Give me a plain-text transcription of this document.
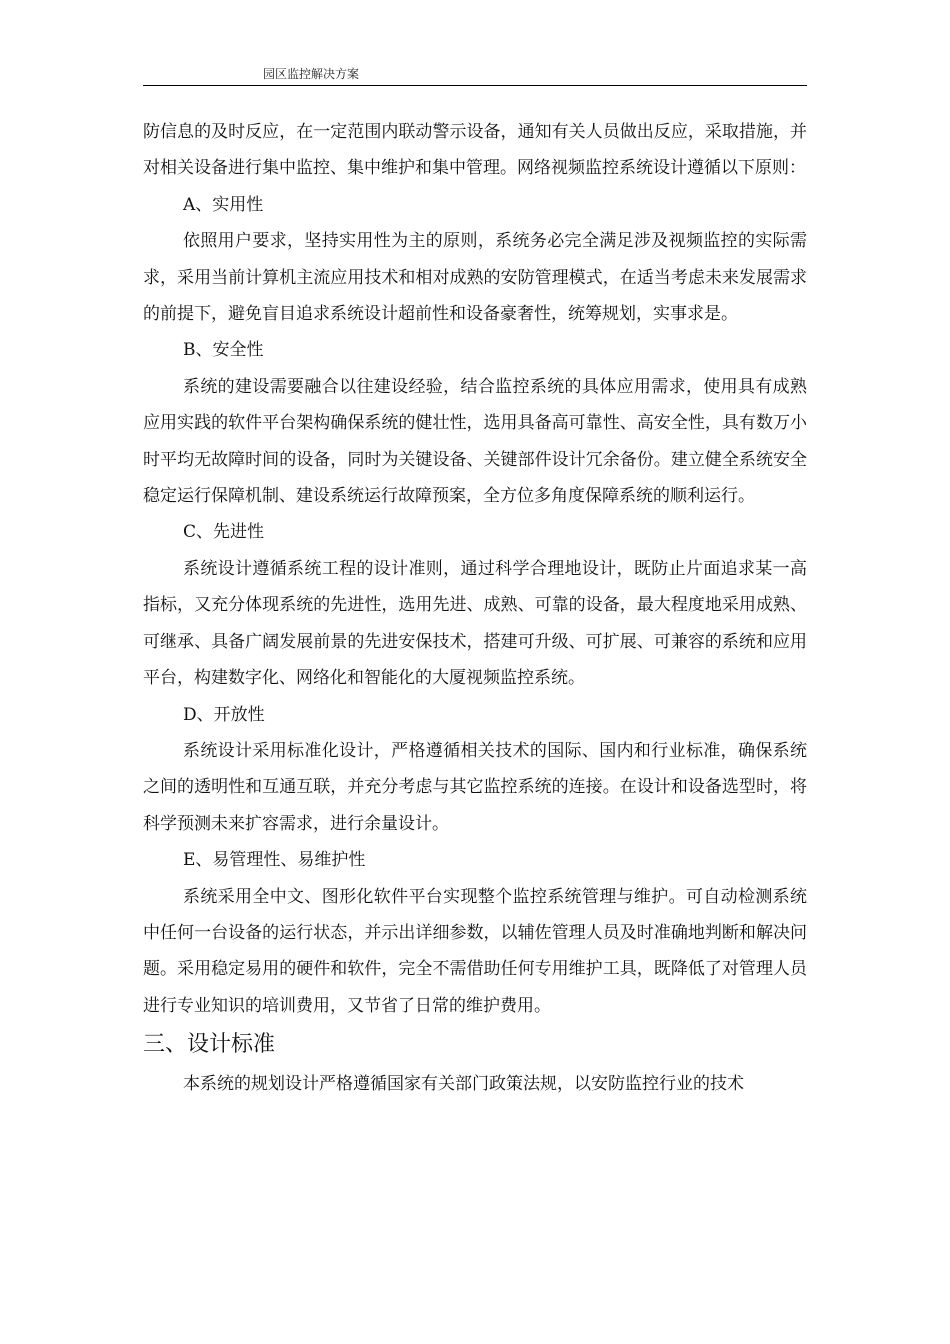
园区监控解决方案

防信息的及时反应，在一定范围内联动警示设备，通知有关人员做出反应，采取措施，并对相关设备进行集中监控、集中维护和集中管理。网络视频监控系统设计遵循以下原则：

A、实用性

依照用户要求，坚持实用性为主的原则，系统务必完全满足涉及视频监控的实际需求，采用当前计算机主流应用技术和相对成熟的安防管理模式，在适当考虑未来发展需求的前提下，避免盲目追求系统设计超前性和设备豪奢性，统筹规划，实事求是。

B、安全性

系统的建设需要融合以往建设经验，结合监控系统的具体应用需求，使用具有成熟应用实践的软件平台架构确保系统的健壮性，选用具备高可靠性、高安全性，具有数万小时平均无故障时间的设备，同时为关键设备、关键部件设计冗余备份。建立健全系统安全稳定运行保障机制、建设系统运行故障预案，全方位多角度保障系统的顺利运行。

C、先进性

系统设计遵循系统工程的设计准则，通过科学合理地设计，既防止片面追求某一高指标，又充分体现系统的先进性，选用先进、成熟、可靠的设备，最大程度地采用成熟、可继承、具备广阔发展前景的先进安保技术，搭建可升级、可扩展、可兼容的系统和应用平台，构建数字化、网络化和智能化的大厦视频监控系统。

D、开放性

系统设计采用标准化设计，严格遵循相关技术的国际、国内和行业标准，确保系统之间的透明性和互通互联，并充分考虑与其它监控系统的连接。在设计和设备选型时，将科学预测未来扩容需求，进行余量设计。

E、易管理性、易维护性

系统采用全中文、图形化软件平台实现整个监控系统管理与维护。可自动检测系统中任何一台设备的运行状态，并示出详细参数，以辅佐管理人员及时准确地判断和解决问题。采用稳定易用的硬件和软件，完全不需借助任何专用维护工具，既降低了对管理人员进行专业知识的培训费用，又节省了日常的维护费用。

三、设计标准

本系统的规划设计严格遵循国家有关部门政策法规，以安防监控行业的技术
